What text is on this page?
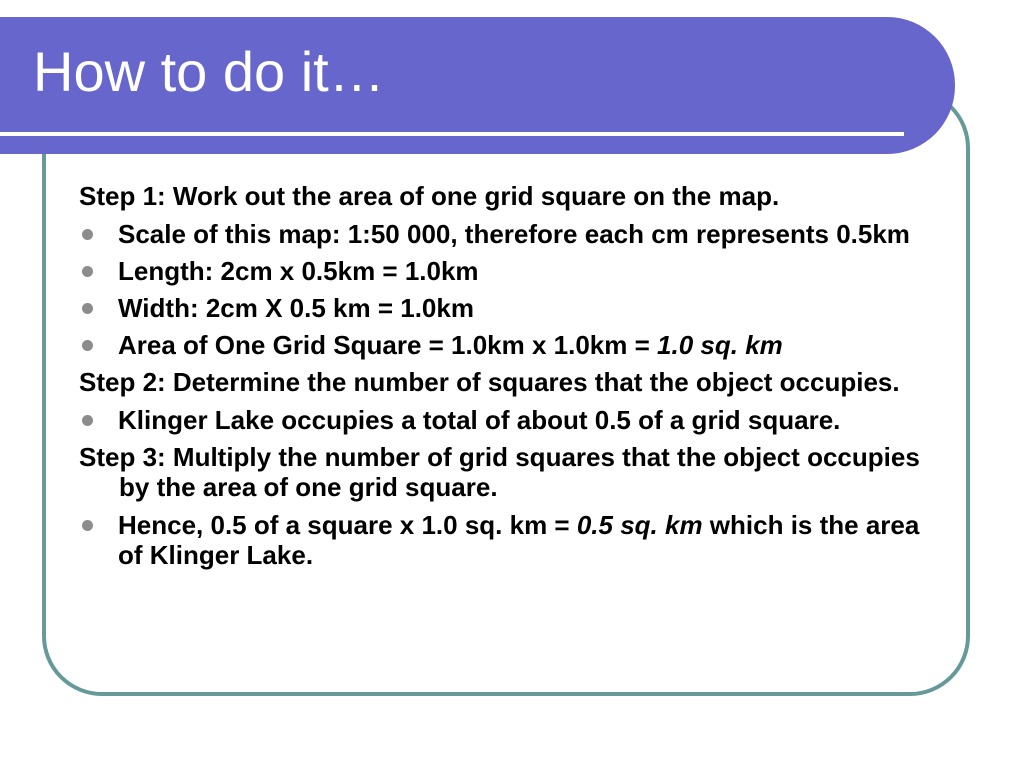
How to do it…
Step 1: Work out the area of one grid square on the map.
Scale of this map: 1:50 000, therefore each cm represents 0.5km
Length: 2cm x 0.5km = 1.0km
Width: 2cm X 0.5 km = 1.0km
Area of One Grid Square = 1.0km x 1.0km = 1.0 sq. km
Step 2: Determine the number of squares that the object occupies.
Klinger Lake occupies a total of about 0.5 of a grid square.
Step 3: Multiply the number of grid squares that the object occupies by the area of one grid square.
Hence, 0.5 of a square x 1.0 sq. km = 0.5 sq. km which is the area of Klinger Lake.
